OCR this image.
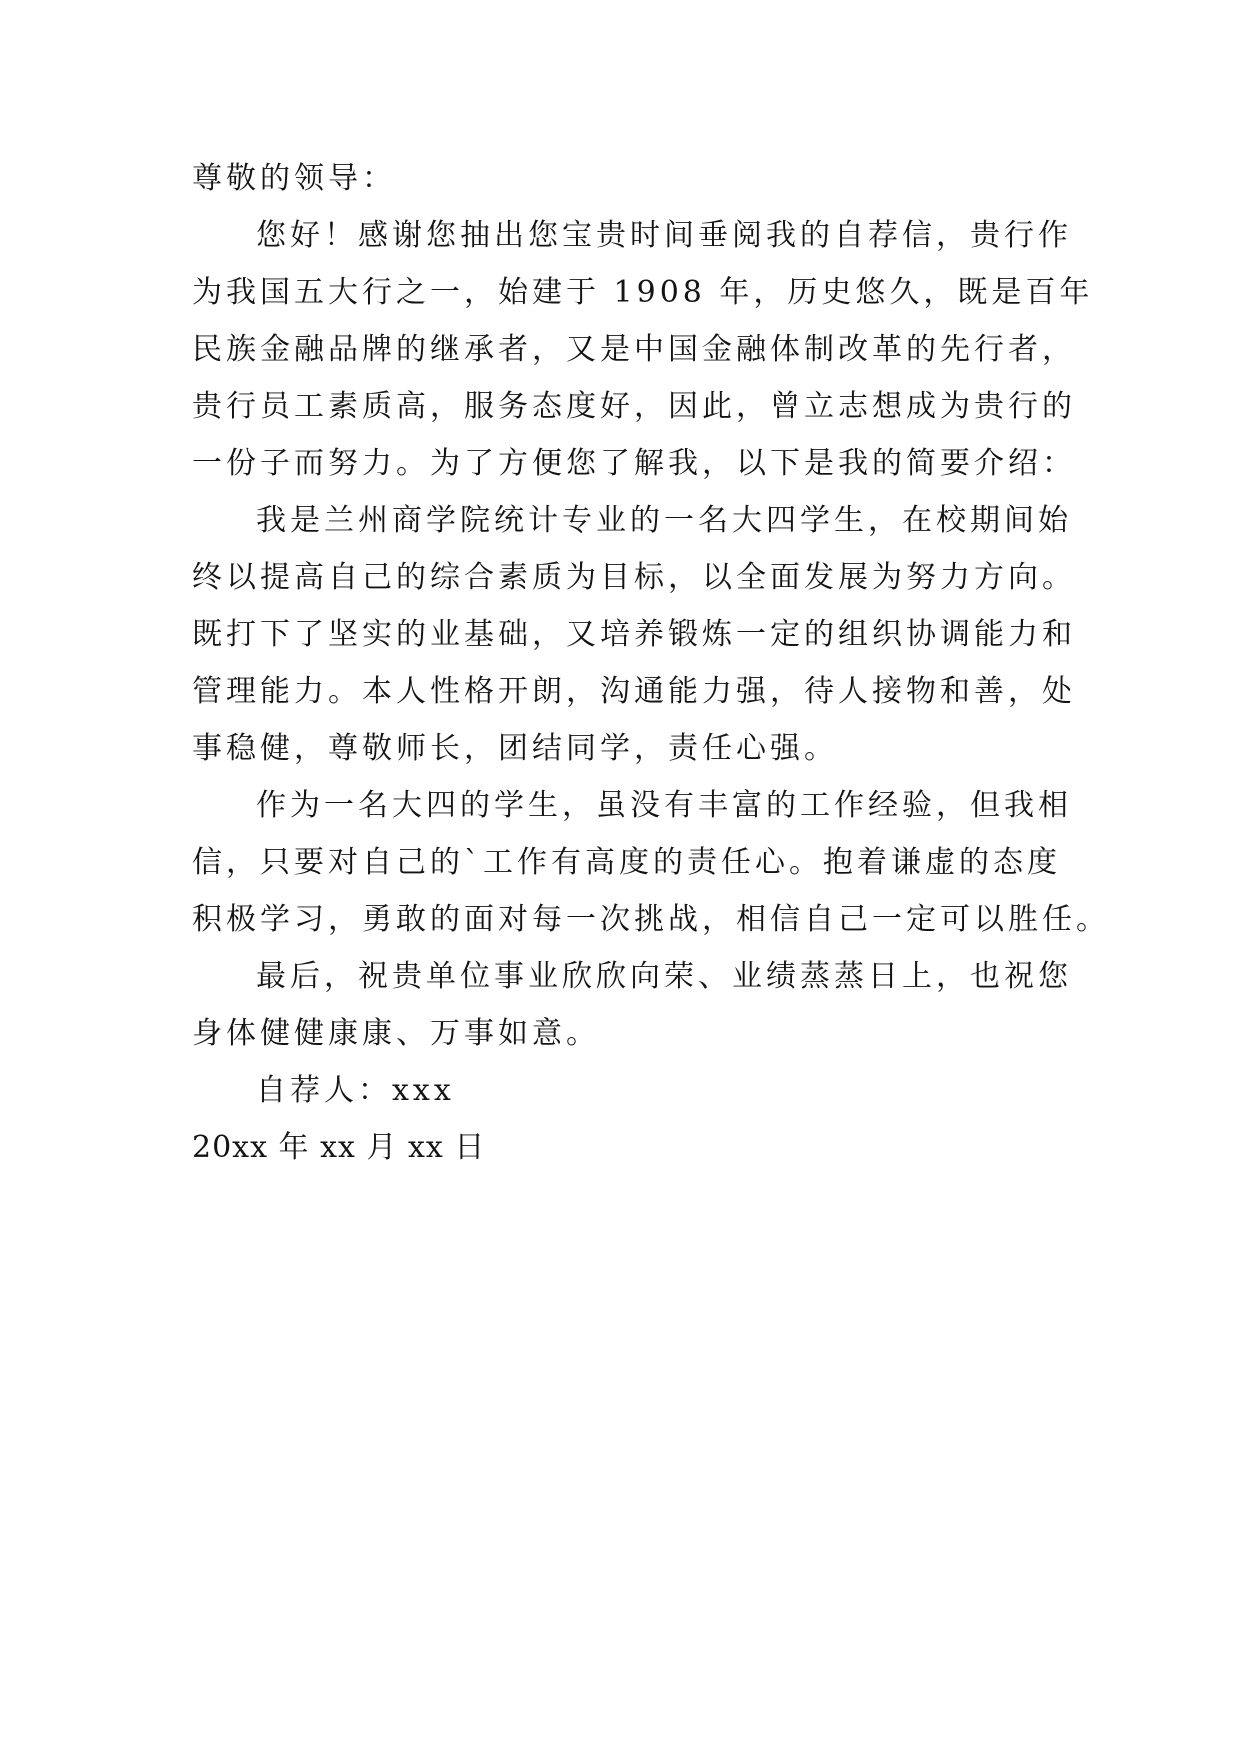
尊敬的领导：
您好！感谢您抽出您宝贵时间垂阅我的自荐信，贵行作
为我国五大行之一，始建于 1908 年，历史悠久，既是百年
民族金融品牌的继承者，又是中国金融体制改革的先行者，
贵行员工素质高，服务态度好，因此，曾立志想成为贵行的
一份子而努力。为了方便您了解我，以下是我的简要介绍：
我是兰州商学院统计专业的一名大四学生，在校期间始
终以提高自己的综合素质为目标，以全面发展为努力方向。
既打下了坚实的业基础，又培养锻炼一定的组织协调能力和
管理能力。本人性格开朗，沟通能力强，待人接物和善，处
事稳健，尊敬师长，团结同学，责任心强。
作为一名大四的学生，虽没有丰富的工作经验，但我相
信，只要对自己的`工作有高度的责任心。抱着谦虚的态度
积极学习，勇敢的面对每一次挑战，相信自己一定可以胜任。
最后，祝贵单位事业欣欣向荣、业绩蒸蒸日上，也祝您
身体健健康康、万事如意。
自荐人：xxx
20xx 年 xx 月 xx 日
